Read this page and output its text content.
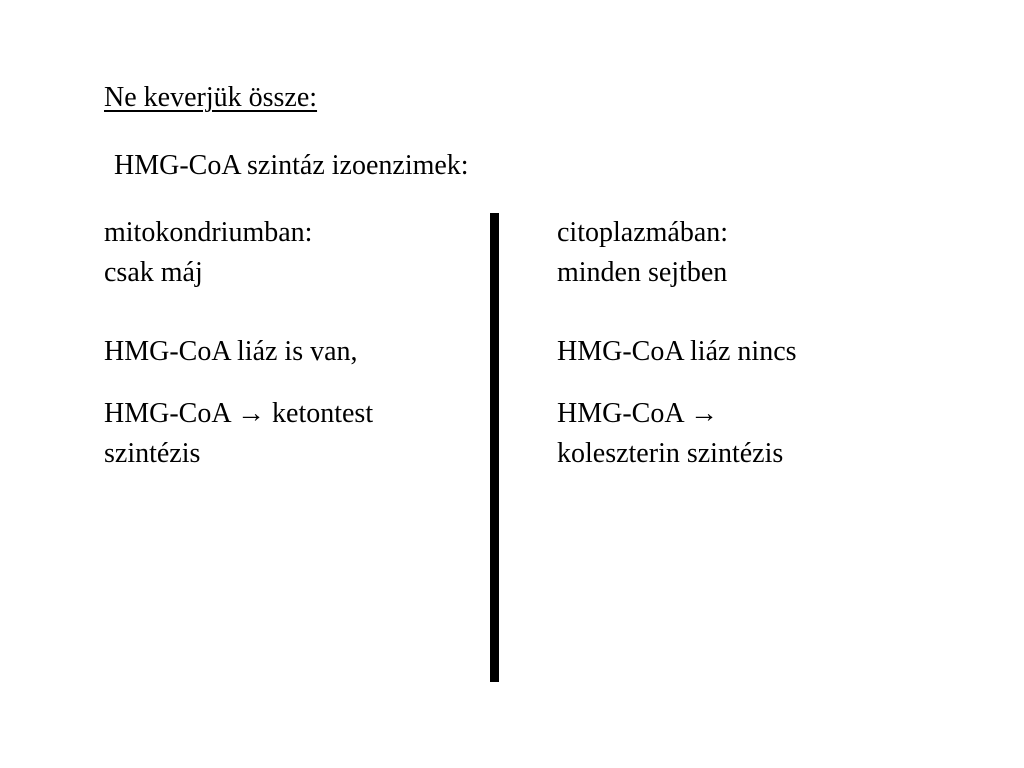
Ne keverjük össze:

HMG-CoA szintáz izoenzimek:

mitokondriumban:

csak máj

HMG-CoA liáz is van,

HMG-CoA → ketontest

szintézis

citoplazmában:

minden sejtben

HMG-CoA liáz nincs

HMG-CoA →

koleszterin szintézis
